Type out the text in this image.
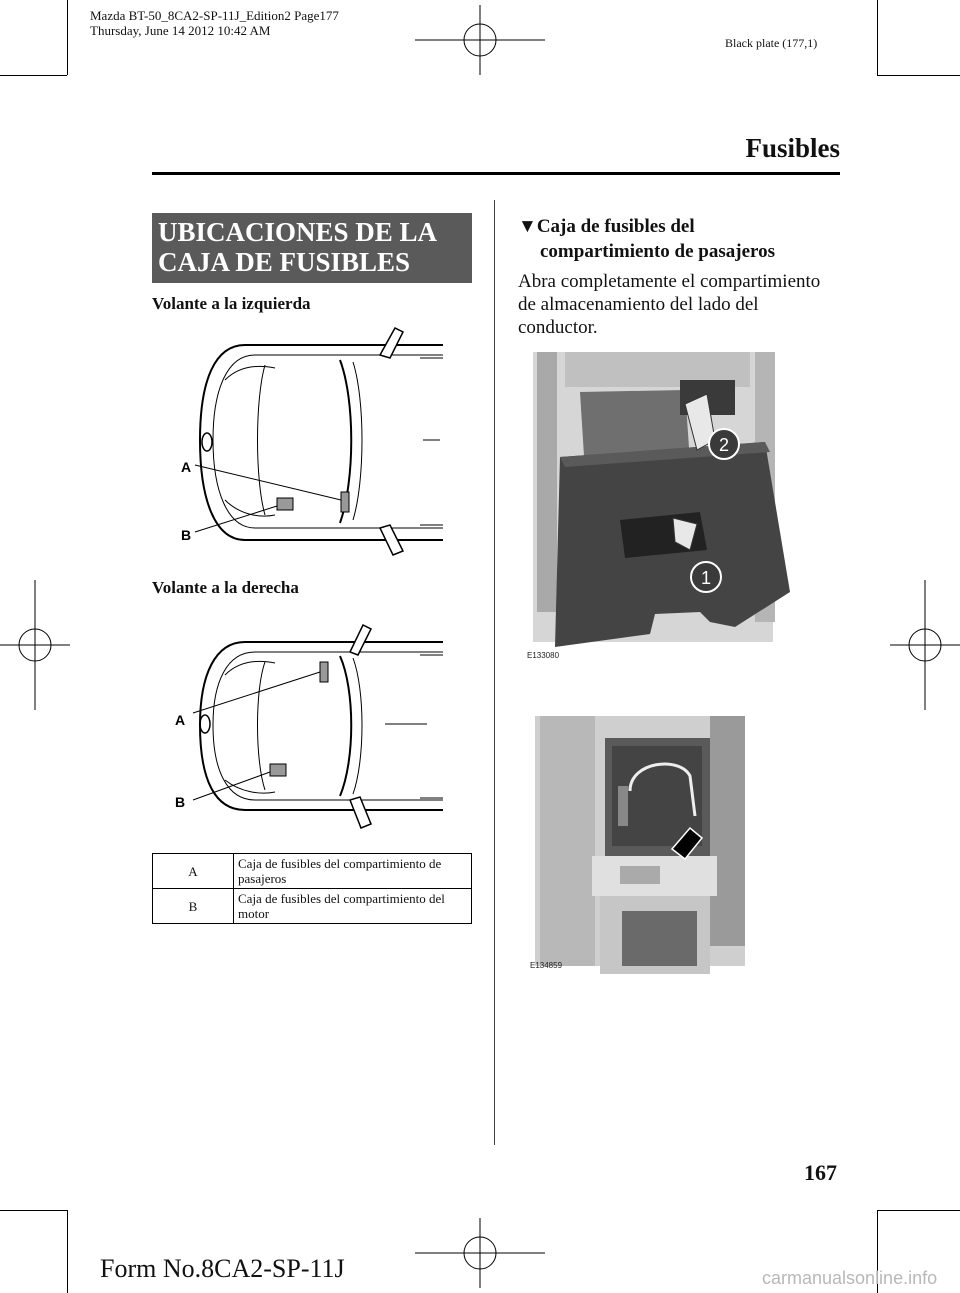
Mazda BT-50_8CA2-SP-11J_Edition2 Page177
Thursday, June 14 2012 10:42 AM
Black plate (177,1)
Fusibles
UBICACIONES DE LA
CAJA DE FUSIBLES
Volante a la izquierda
A
B
Volante a la derecha
A
B
A	Caja de fusibles del compartimiento de pasajeros
B	Caja de fusibles del compartimiento del motor
▼Caja de fusibles del
compartimiento de pasajeros
Abra completamente el compartimiento de almacenamiento del lado del conductor.
2
1
E133080
E134859
167
Form No.8CA2-SP-11J	carmanualsonline.info
